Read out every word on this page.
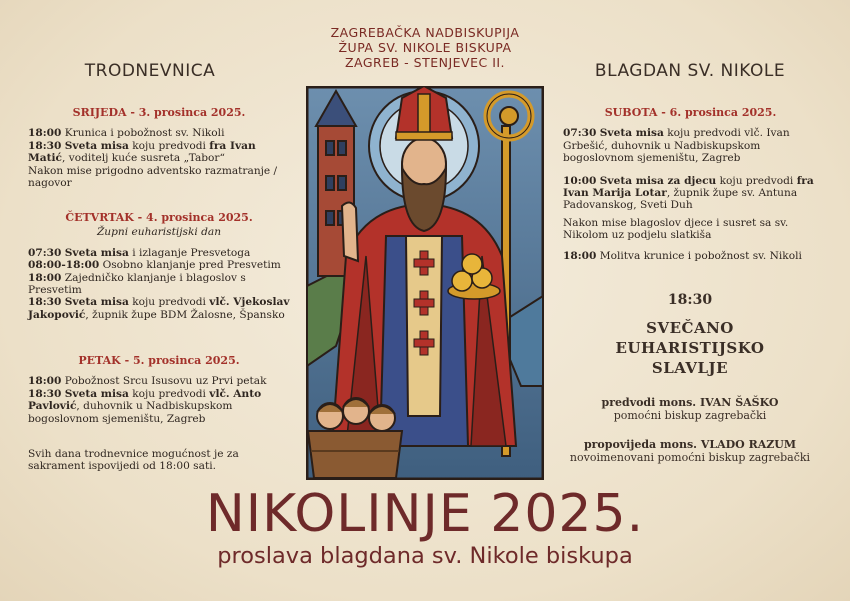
ZAGREBAČKA NADBISKUPIJA
ŽUPA SV. NIKOLE BISKUPA
ZAGREB - STENJEVEC II.
TRODNEVNICA	BLAGDAN SV. NIKOLE
SRIJEDA - 3. prosinca 2025.
18:00 Krunica i pobožnost sv. Nikoli
18:30 Sveta misa koju predvodi fra Ivan Matić, voditelj kuće susreta „Tabor“
Nakon mise prigodno adventsko razmatranje / nagovor
ČETVRTAK - 4. prosinca 2025.
Župni euharistijski dan
07:30 Sveta misa i izlaganje Presvetoga
08:00-18:00 Osobno klanjanje pred Presvetim
18:00 Zajedničko klanjanje i blagoslov s Presvetim
18:30 Sveta misa koju predvodi vlč. Vjekoslav Jakopović, župnik župe BDM Žalosne, Špansko
PETAK - 5. prosinca 2025.
18:00 Pobožnost Srcu Isusovu uz Prvi petak
18:30 Sveta misa koju predvodi vlč. Anto Pavlović, duhovnik u Nadbiskupskom bogoslovnom sjemeništu, Zagreb
Svih dana trodnevnice mogućnost je za sakrament ispovijedi od 18:00 sati.
SUBOTA - 6. prosinca 2025.
07:30 Sveta misa koju predvodi vlč. Ivan Grbešić, duhovnik u Nadbiskupskom bogoslovnom sjemeništu, Zagreb
10:00 Sveta misa za djecu koju predvodi fra Ivan Marija Lotar, župnik župe sv. Antuna Padovanskog, Sveti Duh
Nakon mise blagoslov djece i susret sa sv. Nikolom uz podjelu slatkiša
18:00 Molitva krunice i pobožnost sv. Nikoli
18:30
SVEČANO
EUHARISTIJSKO
SLAVLJE
predvodi mons. IVAN ŠAŠKO
pomoćni biskup zagrebački
propovijeda mons. VLADO RAZUM
novoimenovani pomoćni biskup zagrebački
NIKOLINJE 2025.
proslava blagdana sv. Nikole biskupa
